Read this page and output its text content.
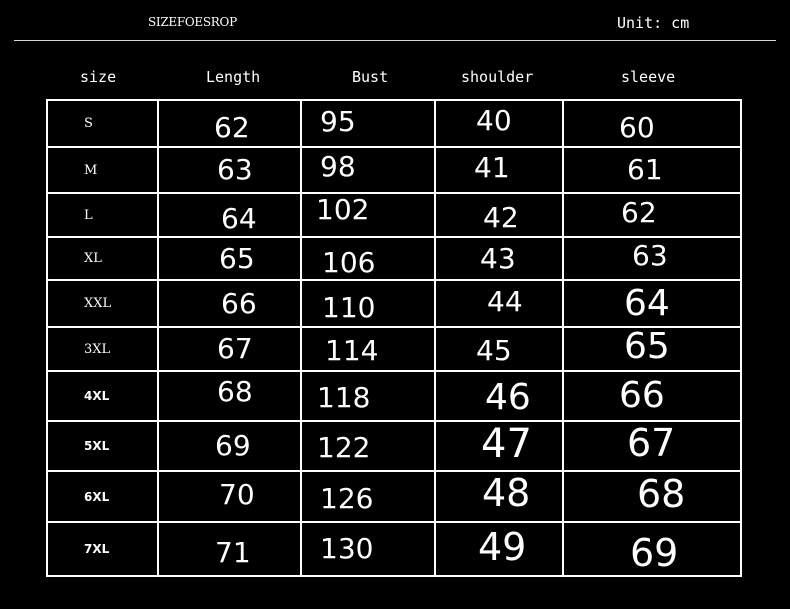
SIZEFOESROP	Unit: cm
size	Length	Bust	shoulder	sleeve
S	62	95	40	60
M	63	98	41	61
L	64	102	42	62
XL	65	106	43	63
XXL	66	110	44	64
3XL	67	114	45	65
4XL	68	118	46	66
5XL	69	122	47	67
6XL	70	126	48	68
7XL	71	130	49	69
